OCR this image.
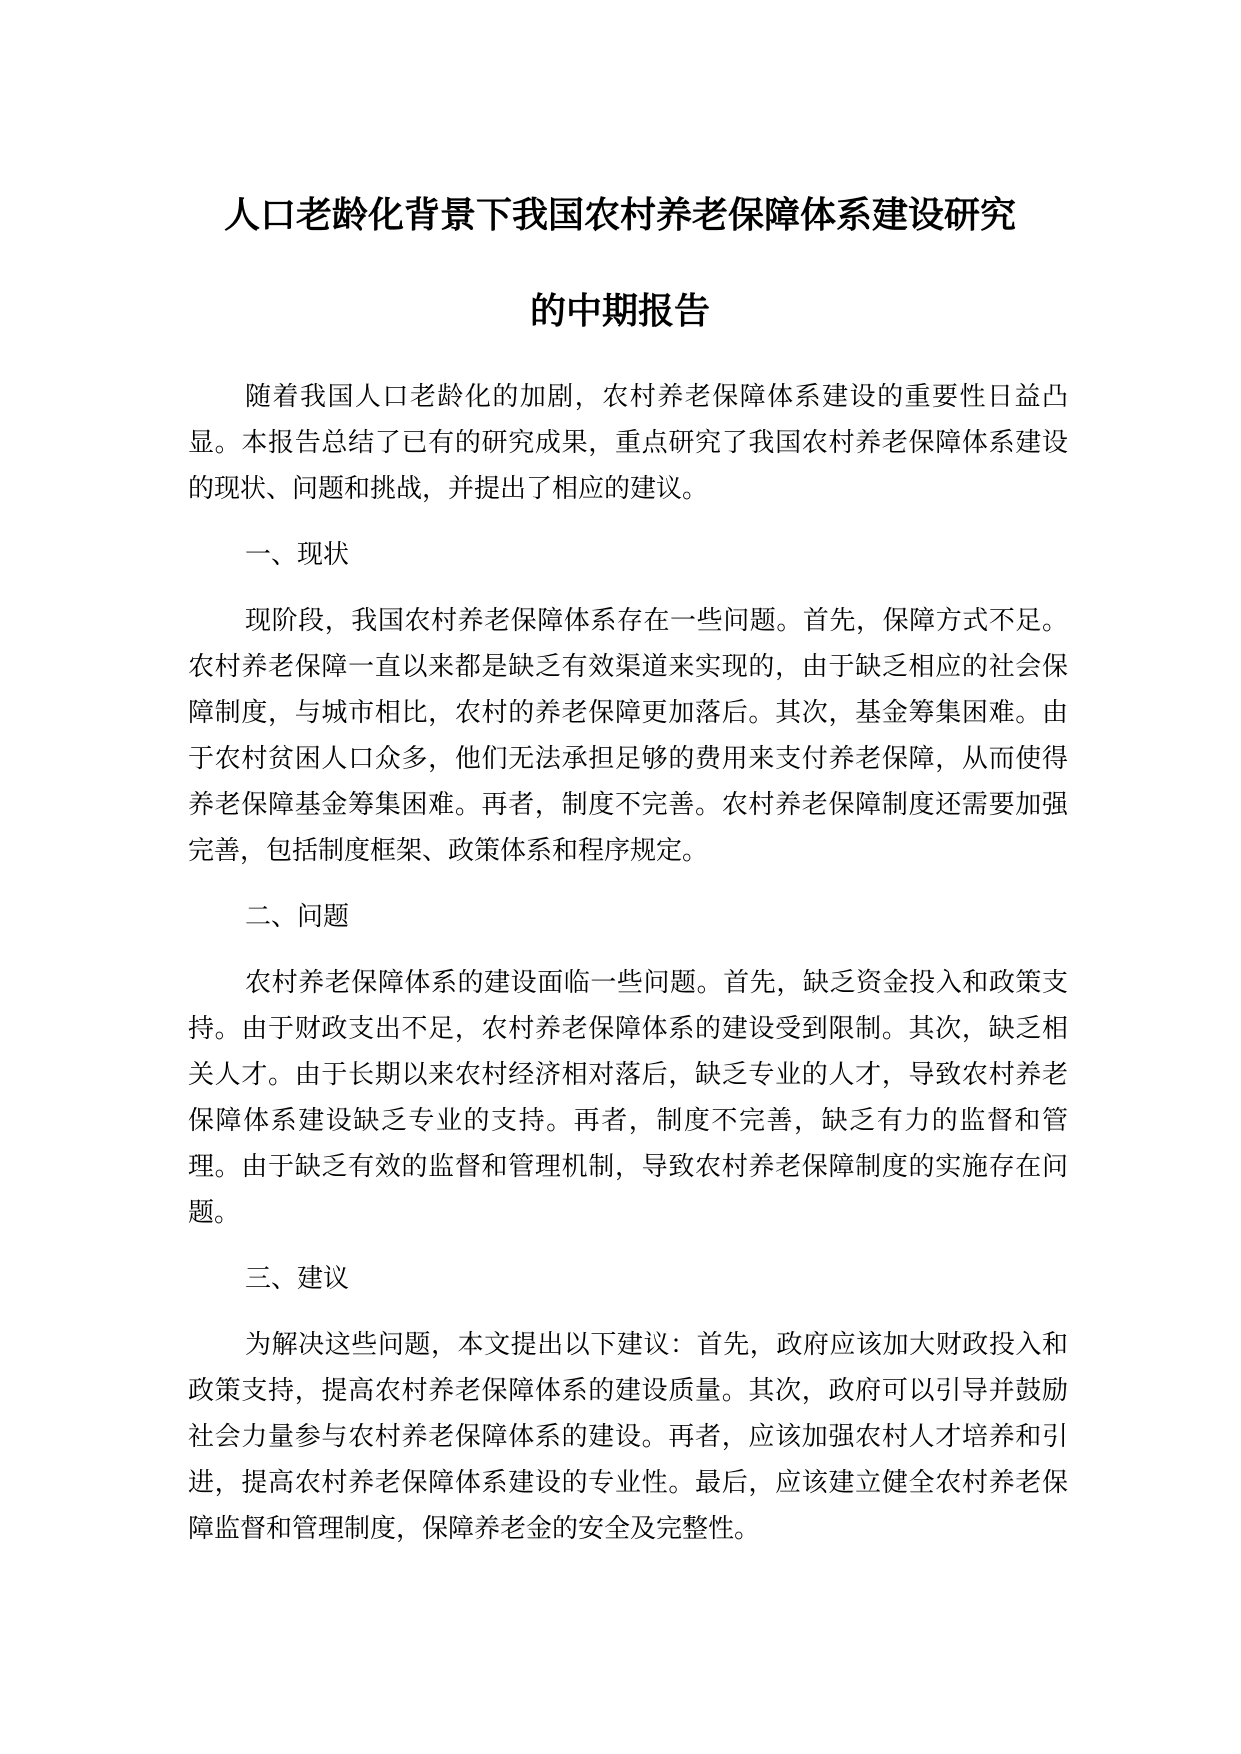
人口老龄化背景下我国农村养老保障体系建设研究
的中期报告

随着我国人口老龄化的加剧，农村养老保障体系建设的重要性日益凸显。本报告总结了已有的研究成果，重点研究了我国农村养老保障体系建设的现状、问题和挑战，并提出了相应的建议。

一、现状

现阶段，我国农村养老保障体系存在一些问题。首先，保障方式不足。农村养老保障一直以来都是缺乏有效渠道来实现的，由于缺乏相应的社会保障制度，与城市相比，农村的养老保障更加落后。其次，基金筹集困难。由于农村贫困人口众多，他们无法承担足够的费用来支付养老保障，从而使得养老保障基金筹集困难。再者，制度不完善。农村养老保障制度还需要加强完善，包括制度框架、政策体系和程序规定。

二、问题

农村养老保障体系的建设面临一些问题。首先，缺乏资金投入和政策支持。由于财政支出不足，农村养老保障体系的建设受到限制。其次，缺乏相关人才。由于长期以来农村经济相对落后，缺乏专业的人才，导致农村养老保障体系建设缺乏专业的支持。再者，制度不完善，缺乏有力的监督和管理。由于缺乏有效的监督和管理机制，导致农村养老保障制度的实施存在问题。

三、建议

为解决这些问题，本文提出以下建议：首先，政府应该加大财政投入和政策支持，提高农村养老保障体系的建设质量。其次，政府可以引导并鼓励社会力量参与农村养老保障体系的建设。再者，应该加强农村人才培养和引进，提高农村养老保障体系建设的专业性。最后，应该建立健全农村养老保障监督和管理制度，保障养老金的安全及完整性。
